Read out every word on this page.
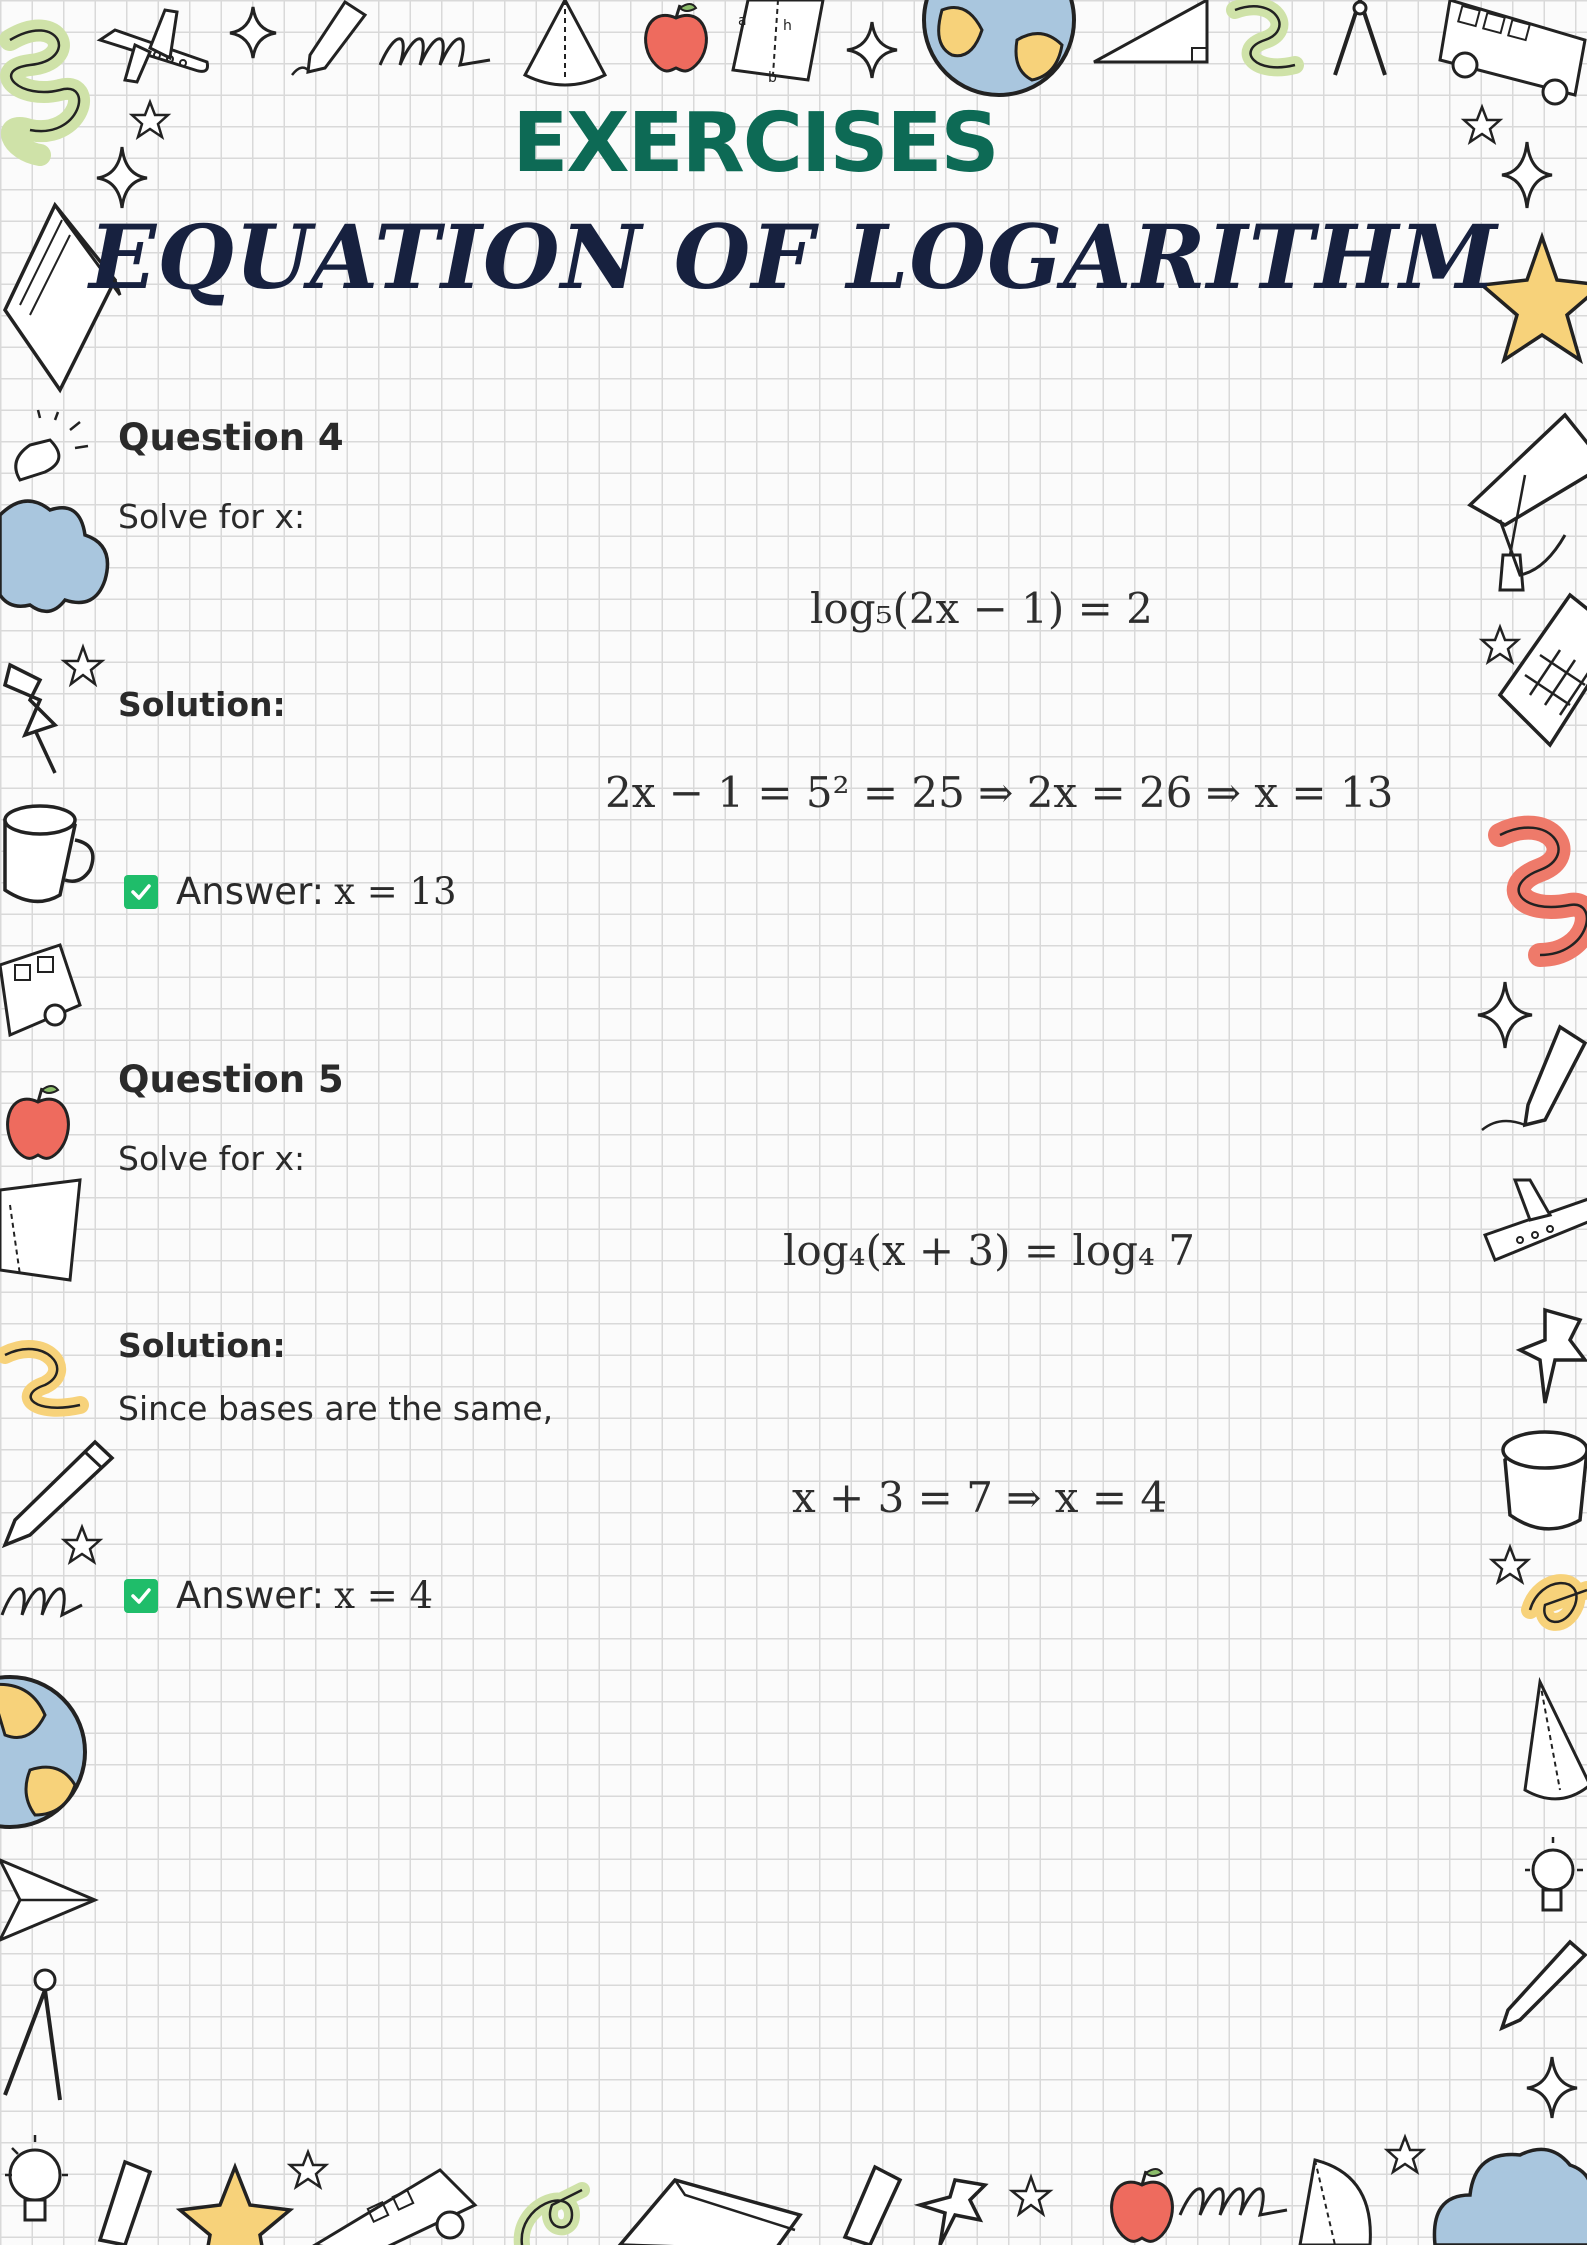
a	h
b
EXERCISES
EQUATION OF LOGARITHM
Question 4
Solve for x:
log₅(2x − 1) = 2
Solution:
2x − 1 = 5² = 25 ⇒ 2x = 26 ⇒ x = 13
Answer: x = 13
Question 5
Solve for x:
log₄(x + 3) = log₄ 7
Solution:
Since bases are the same,
x + 3 = 7 ⇒ x = 4
Answer: x = 4
